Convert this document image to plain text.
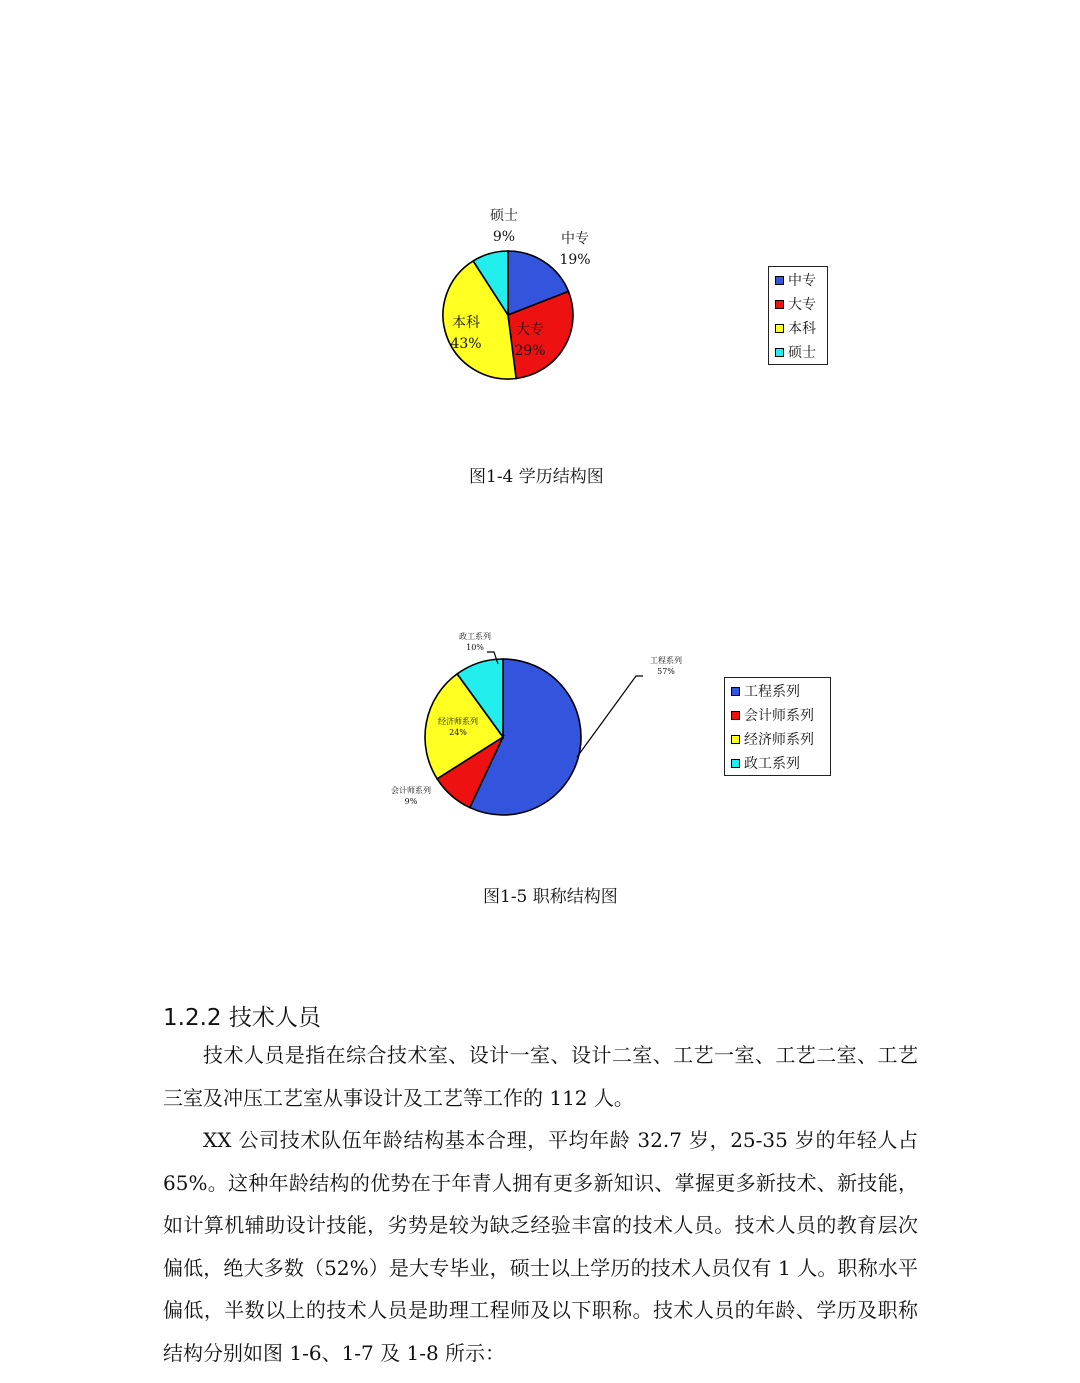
中专
19%
大专
29%
本科
43%
硕士
9%
工程系列
57%
会计师系列
9%
经济师系列
24%
政工系列
10%
中专
大专
本科
硕士
图1-4 学历结构图
工程系列
会计师系列
经济师系列
政工系列
图1-5 职称结构图
1.2.2 技术人员

技术人员是指在综合技术室、设计一室、设计二室、工艺一室、工艺二室、工艺三室及冲压工艺室从事设计及工艺等工作的 112 人。

XX 公司技术队伍年龄结构基本合理，平均年龄 32.7 岁，25-35 岁的年轻人占 65%。这种年龄结构的优势在于年青人拥有更多新知识、掌握更多新技术、新技能，如计算机辅助设计技能，劣势是较为缺乏经验丰富的技术人员。技术人员的教育层次偏低，绝大多数（52%）是大专毕业，硕士以上学历的技术人员仅有 1 人。职称水平偏低，半数以上的技术人员是助理工程师及以下职称。技术人员的年龄、学历及职称结构分别如图 1-6、1-7 及 1-8 所示：
